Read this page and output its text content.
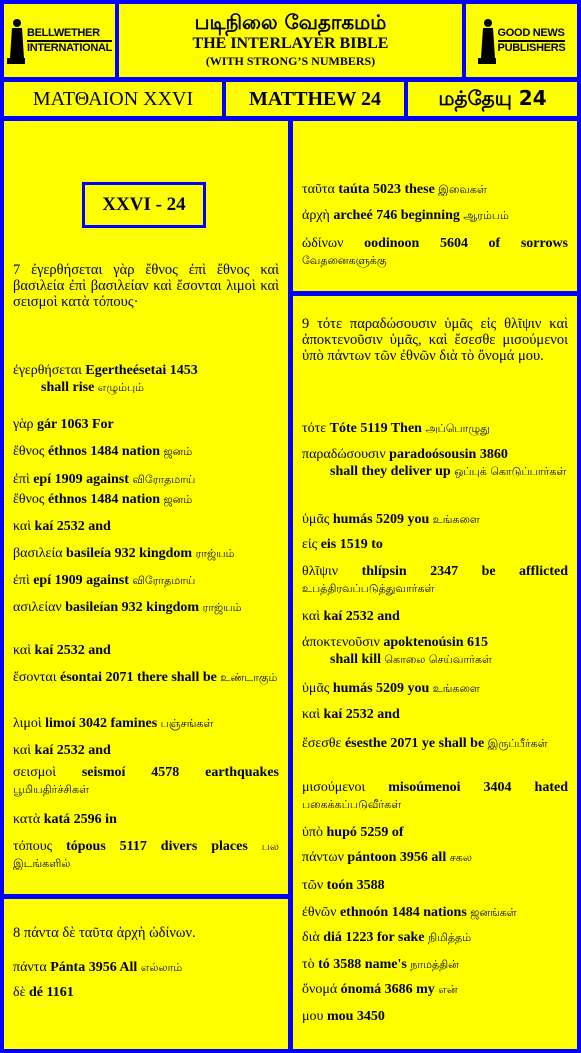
BELLWETHER
INTERNATIONAL
படிநிலை வேதாகமம்
THE INTERLAYER BIBLE
(WITH STRONG’S NUMBERS)
GOOD NEWS
PUBLISHERS
ΜΑΤΘΑΙΟΝ XXVI	MATTHEW 24	மத்தேயு 24
XXVI - 24
7 ἐγερθήσεται γὰρ ἔθνος ἐπὶ ἔθνος καὶ βασιλεία ἐπὶ βασιλείαν καὶ ἔσονται λιμοὶ καὶ σεισμοὶ κατὰ τόπους·
ἐγερθήσεται Egertheésetai 1453
shall rise எழும்பும்
γὰρ gár 1063 For
ἔθνος éthnos 1484 nation ஜனம்
ἐπὶ epí 1909 against விரோதமாய்
ἔθνος éthnos 1484 nation ஜனம்
καὶ kaí 2532 and
βασιλεία basileía 932 kingdom ராஜ்யம்
ἐπὶ epí 1909 against விரோதமாய்
ασιλείαν basileían 932 kingdom ராஜ்யம்
καὶ kaí 2532 and
ἔσονται ésontai 2071 there shall be உண்டாகும்
λιμοὶ limoí 3042 famines பஞ்சங்கள்
καὶ kaí 2532 and
σεισμοὶ seismoí 4578 earthquakes பூமியதிர்ச்சிகள்
κατὰ katá 2596 in
τόπους tópous 5117 divers places பல இடங்களில்
8 πάντα δὲ ταῦτα ἀρχὴ ὠδίνων.
πάντα Pánta 3956 All எல்லாம்
δὲ dé 1161
ταῦτα taúta 5023 these இவைகள்
ἀρχὴ archeé 746 beginning ஆரம்பம்
ὠδίνων oodinoon 5604 of sorrows வேதனைகளுக்கு
9 τότε παραδώσουσιν ὑμᾶς εἰς θλῖψιν καὶ ἀποκτενοῦσιν ὑμᾶς, καὶ ἔσεσθε μισούμενοι ὑπὸ πάντων τῶν ἐθνῶν διὰ τὸ ὄνομά μου.
τότε Tóte 5119 Then அப்பொழுது
παραδώσουσιν paradoósousin 3860
shall they deliver up ஒப்புக் கொடுப்பார்கள்
ὑμᾶς humás 5209 you உங்களை
εἰς eis 1519 to
θλῖψιν thlípsin 2347 be afflicted உபத்திரவப்படுத்துவார்கள்
καὶ kaí 2532 and
ἀποκτενοῦσιν apoktenoúsin 615
shall kill கொலை செய்வார்கள்
ὑμᾶς humás 5209 you உங்களை
καὶ kaí 2532 and
ἔσεσθε ésesthe 2071 ye shall be இருப்பீர்கள்
μισούμενοι misoúmenoi 3404 hated பகைக்கப்படுவீர்கள்
ὑπὸ hupó 5259 of
πάντων pántoon 3956 all சகல
τῶν toón 3588
ἐθνῶν ethnoón 1484 nations ஜனங்கள்
διὰ diá 1223 for sake நிமித்தம்
τὸ tó 3588 name's நாமத்தின்
ὄνομά ónomá 3686 my என்
μου mou 3450
